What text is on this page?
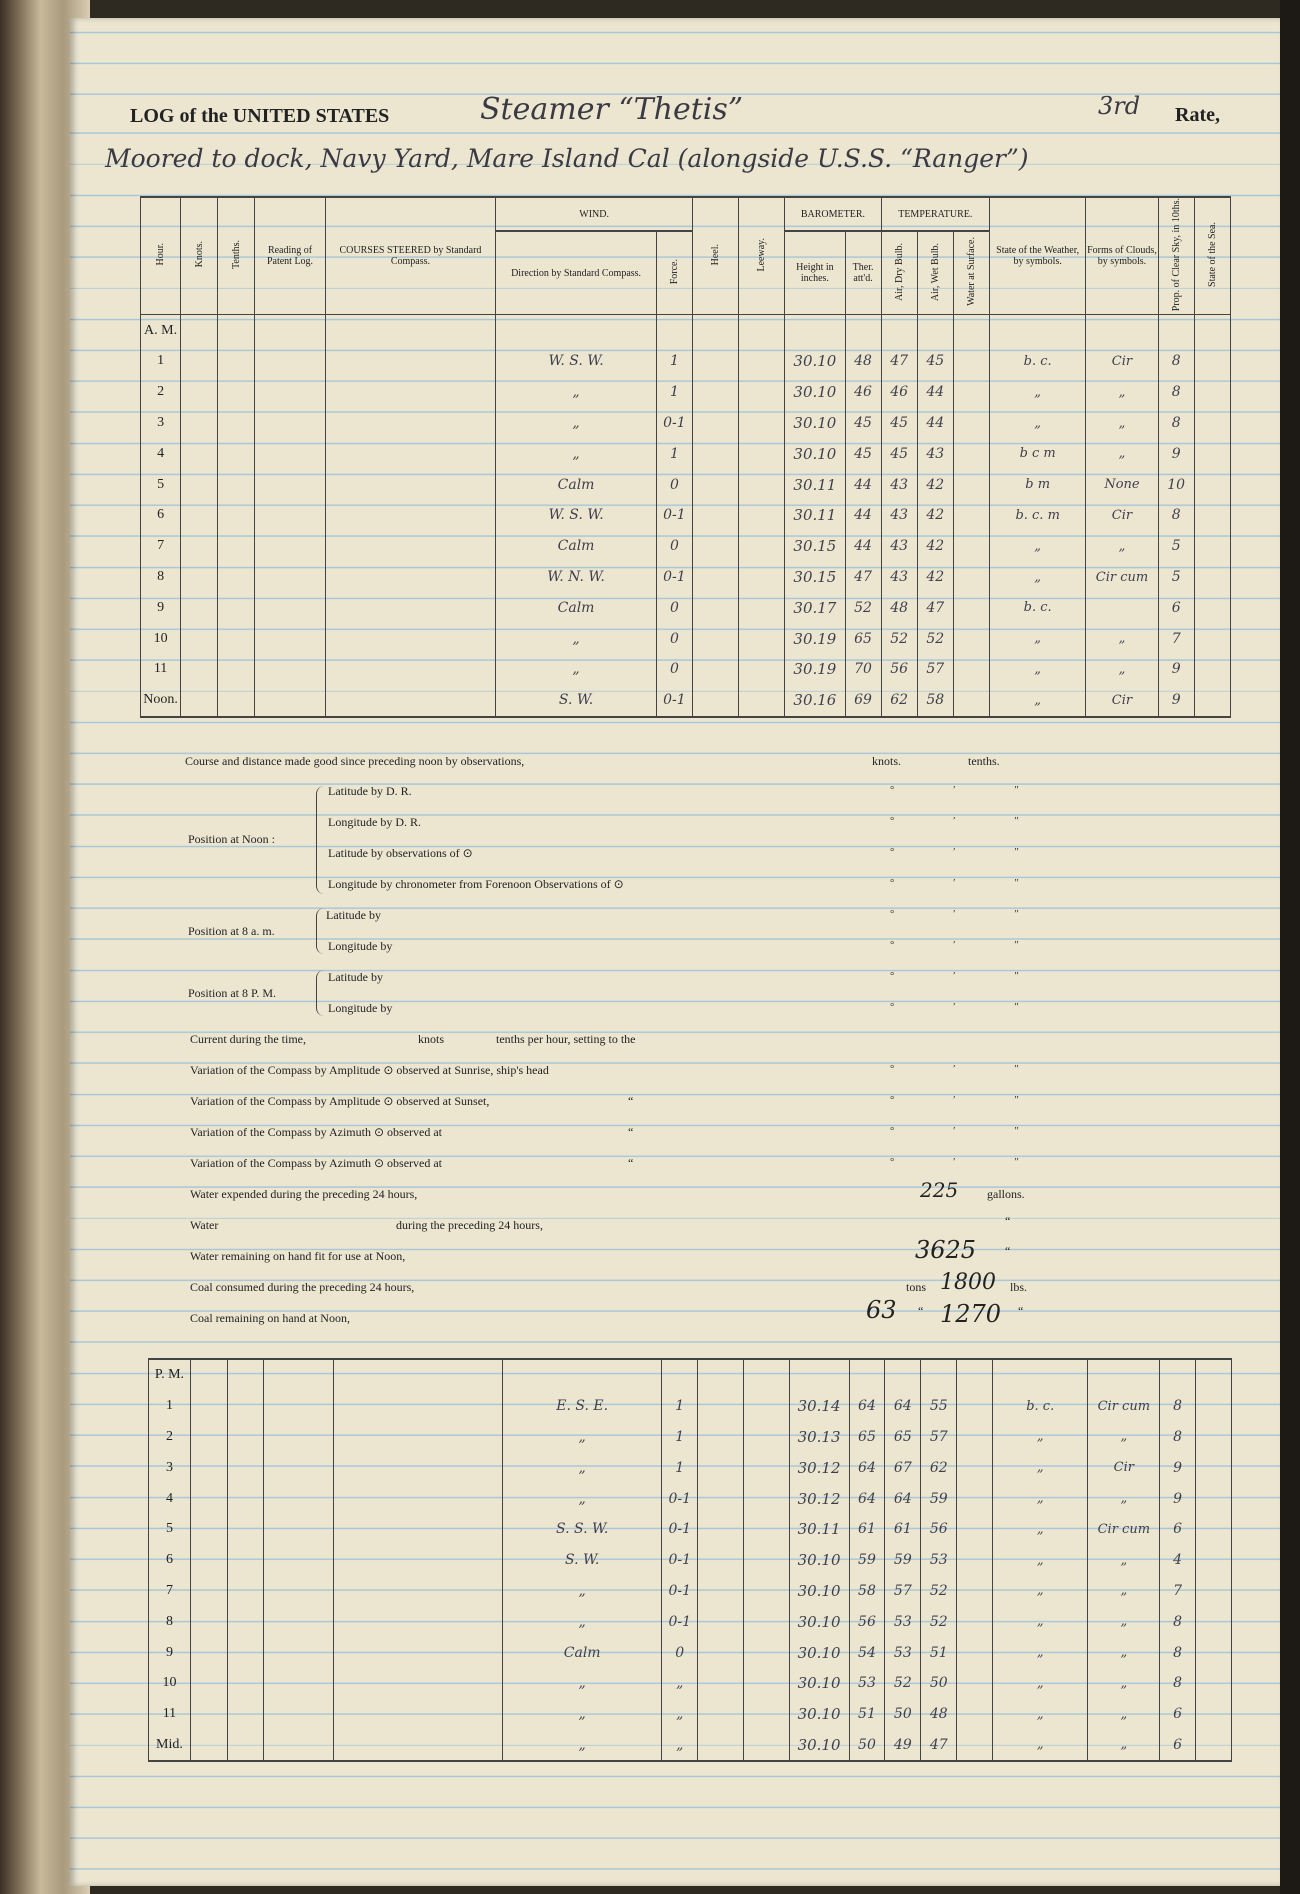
LOG of the UNITED STATES	Steamer “Thetis”	3rd Rate,
Moored to dock, Navy Yard, Mare Island Cal (alongside U.S.S. “Ranger”)
Hour.	Knots.	Tenths.	Reading of Patent Log.	COURSES STEERED by Standard Compass.	WIND.		Heel.	Leeway.	BAROMETER.		TEMPERATURE.			State of the Weather, by symbols.	Forms of Clouds, by symbols.	Prop. of Clear Sky, in 10ths.	State of the Sea.
					Direction by Standard Compass.	Force.			Height in inches.	Ther. att'd.	Air, Dry Bulb.	Air, Wet Bulb.	Water at Surface.				
A. M.																	
1					W. S. W.	1			30.10	48	47	45		b. c.	Cir	8	
2					„	1			30.10	46	46	44		„	„	8	
3					„	0-1			30.10	45	45	44		„	„	8	
4					„	1			30.10	45	45	43		b c m	„	9	
5					Calm	0			30.11	44	43	42		b m	None	10	
6					W. S. W.	0-1			30.11	44	43	42		b. c. m	Cir	8	
7					Calm	0			30.15	44	43	42		„	„	5	
8					W. N. W.	0-1			30.15	47	43	42		„	Cir cum	5	
9					Calm	0			30.17	52	48	47		b. c.		6	
10					„	0			30.19	65	52	52		„	„	7	
11					„	0			30.19	70	56	57		„	„	9	
Noon.					S. W.	0-1			30.16	69	62	58		„	Cir	9	
Course and distance made good since preceding noon by observations,	knots.	tenths.
Position at Noon :
Latitude by D. R.
Longitude by D. R.
Latitude by observations of ⊙
Longitude by chronometer from Forenoon Observations of ⊙
Position at 8 a. m.
Latitude by
Longitude by
Position at 8 P. M.
Latitude by
Longitude by
° ′ ″
° ′ ″
° ′ ″
° ′ ″
° ′ ″
° ′ ″
° ′ ″
° ′ ″
Current during the time,	knots	tenths per hour, setting to the
Variation of the Compass by Amplitude ⊙ observed at Sunrise, ship's head
Variation of the Compass by Amplitude ⊙ observed at Sunset,
Variation of the Compass by Azimuth ⊙ observed at
Variation of the Compass by Azimuth ⊙ observed at
“
“
“
° ′ ″
° ′ ″
° ′ ″
° ′ ″
Water expended during the preceding 24 hours,	225 gallons.
Water	during the preceding 24 hours,	“
Water remaining on hand fit for use at Noon,	3625 “
Coal consumed during the preceding 24 hours,	tons 1800 lbs.
Coal remaining on hand at Noon,	63 “ 1270 “
P. M.																	
1					E. S. E.	1			30.14	64	64	55		b. c.	Cir cum	8	
2					„	1			30.13	65	65	57		„	„	8	
3					„	1			30.12	64	67	62		„	Cir	9	
4					„	0-1			30.12	64	64	59		„	„	9	
5					S. S. W.	0-1			30.11	61	61	56		„	Cir cum	6	
6					S. W.	0-1			30.10	59	59	53		„	„	4	
7					„	0-1			30.10	58	57	52		„	„	7	
8					„	0-1			30.10	56	53	52		„	„	8	
9					Calm	0			30.10	54	53	51		„	„	8	
10					„	„			30.10	53	52	50		„	„	8	
11					„	„			30.10	51	50	48		„	„	6	
Mid.					„	„			30.10	50	49	47		„	„	6	
